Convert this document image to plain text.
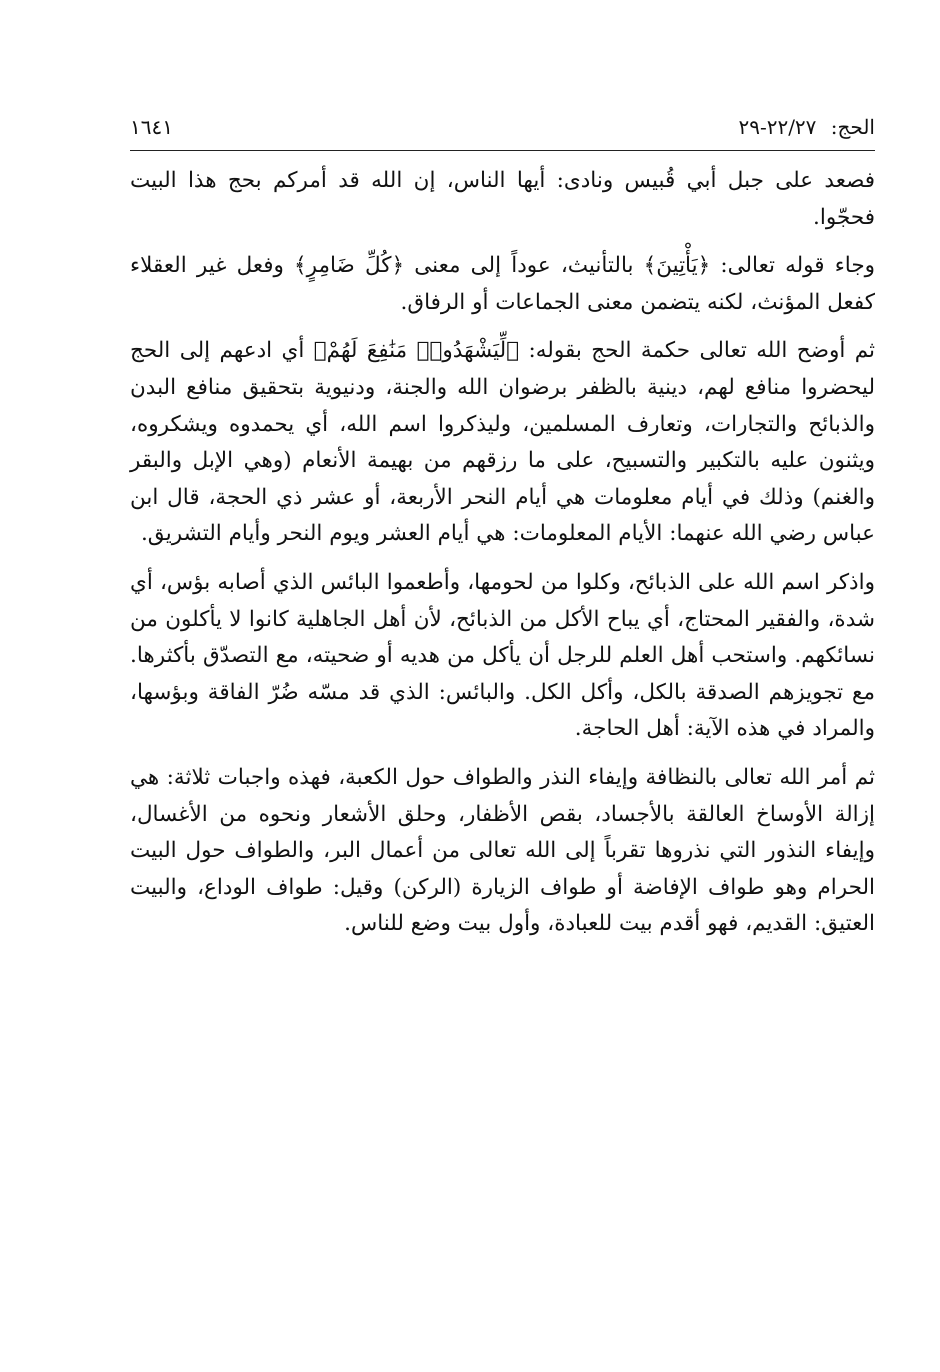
الحج: ٢٢/٢٧-٢٩
١٦٤١

فصعد على جبل أبي قُبيس ونادى: أيها الناس، إن الله قد أمركم بحج هذا البيت فحجّوا.

وجاء قوله تعالى: ﴿يَأْتِينَ﴾ بالتأنيث، عوداً إلى معنى ﴿كُلِّ ضَامِرٍ﴾ وفعل غير العقلاء كفعل المؤنث، لكنه يتضمن معنى الجماعات أو الرفاق.

ثم أوضح الله تعالى حكمة الحج بقوله: ﴿لِّيَشْهَدُوا۟ مَنَٰفِعَ لَهُمْ﴾ أي ادعهم إلى الحج ليحضروا منافع لهم، دينية بالظفر برضوان الله والجنة، ودنيوية بتحقيق منافع البدن والذبائح والتجارات، وتعارف المسلمين، وليذكروا اسم الله، أي يحمدوه ويشكروه، ويثنون عليه بالتكبير والتسبيح، على ما رزقهم من بهيمة الأنعام (وهي الإبل والبقر والغنم) وذلك في أيام معلومات هي أيام النحر الأربعة، أو عشر ذي الحجة، قال ابن عباس رضي الله عنهما: الأيام المعلومات: هي أيام العشر ويوم النحر وأيام التشريق.

واذكر اسم الله على الذبائح، وكلوا من لحومها، وأطعموا البائس الذي أصابه بؤس، أي شدة، والفقير المحتاج، أي يباح الأكل من الذبائح، لأن أهل الجاهلية كانوا لا يأكلون من نسائكهم. واستحب أهل العلم للرجل أن يأكل من هديه أو ضحيته، مع التصدّق بأكثرها. مع تجويزهم الصدقة بالكل، وأكل الكل. والبائس: الذي قد مسّه ضُرّ الفاقة وبؤسها، والمراد في هذه الآية: أهل الحاجة.

ثم أمر الله تعالى بالنظافة وإيفاء النذر والطواف حول الكعبة، فهذه واجبات ثلاثة: هي إزالة الأوساخ العالقة بالأجساد، بقص الأظفار، وحلق الأشعار ونحوه من الأغسال، وإيفاء النذور التي نذروها تقرباً إلى الله تعالى من أعمال البر، والطواف حول البيت الحرام وهو طواف الإفاضة أو طواف الزيارة (الركن) وقيل: طواف الوداع، والبيت العتيق: القديم، فهو أقدم بيت للعبادة، وأول بيت وضع للناس.
